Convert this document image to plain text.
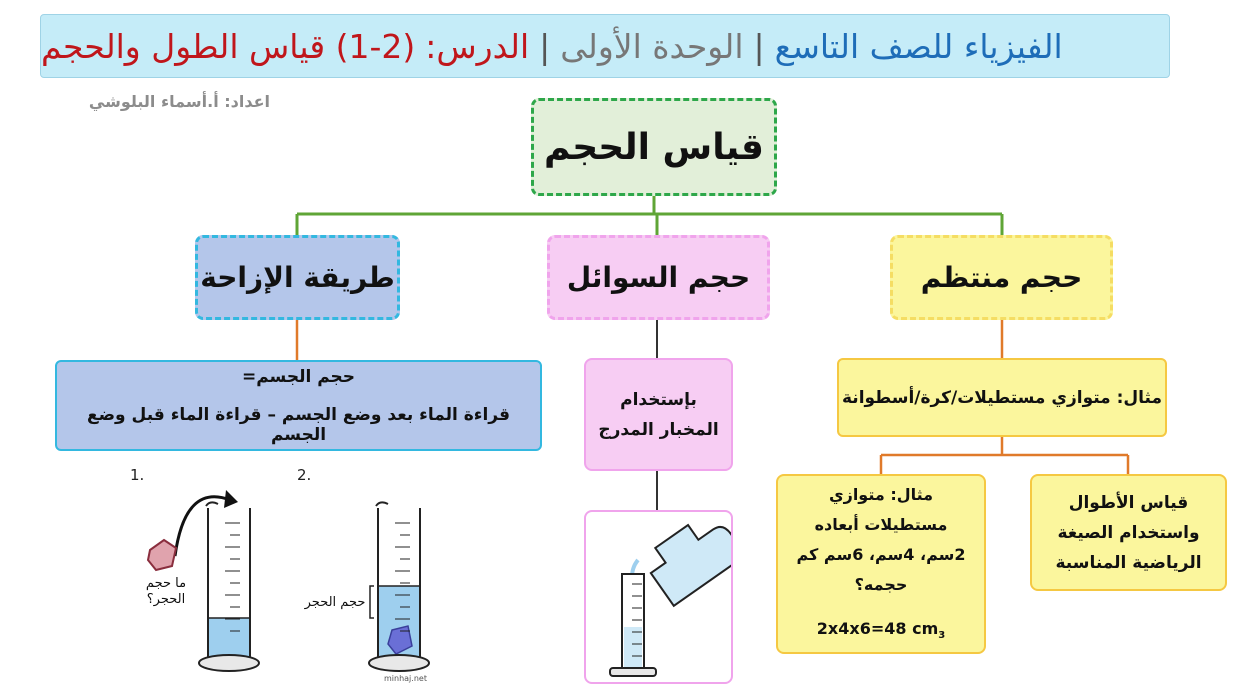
الفيزياء للصف التاسع
|
الوحدة الأولى
|
الدرس:
(1-2) قياس الطول والحجم
اعداد: أ.أسماء البلوشي
قياس الحجم
طريقة الإزاحة	حجم السوائل	حجم منتظم
حجم الجسم=
قراءة الماء بعد وضع الجسم – قراءة الماء قبل وضع الجسم
بإستخدام
المخبار المدرج
مثال: متوازي مستطيلات/كرة/أسطوانة
مثال: متوازي
مستطيلات أبعاده
2سم، 4سم، 6سم كم
حجمه؟
2x4x6=48 $cm_3$
قياس الأطوال
واستخدام الصيغة
الرياضية المناسبة
1.	2.
ما حجم
الحجر؟	حجم الحجر
minhaj.net
